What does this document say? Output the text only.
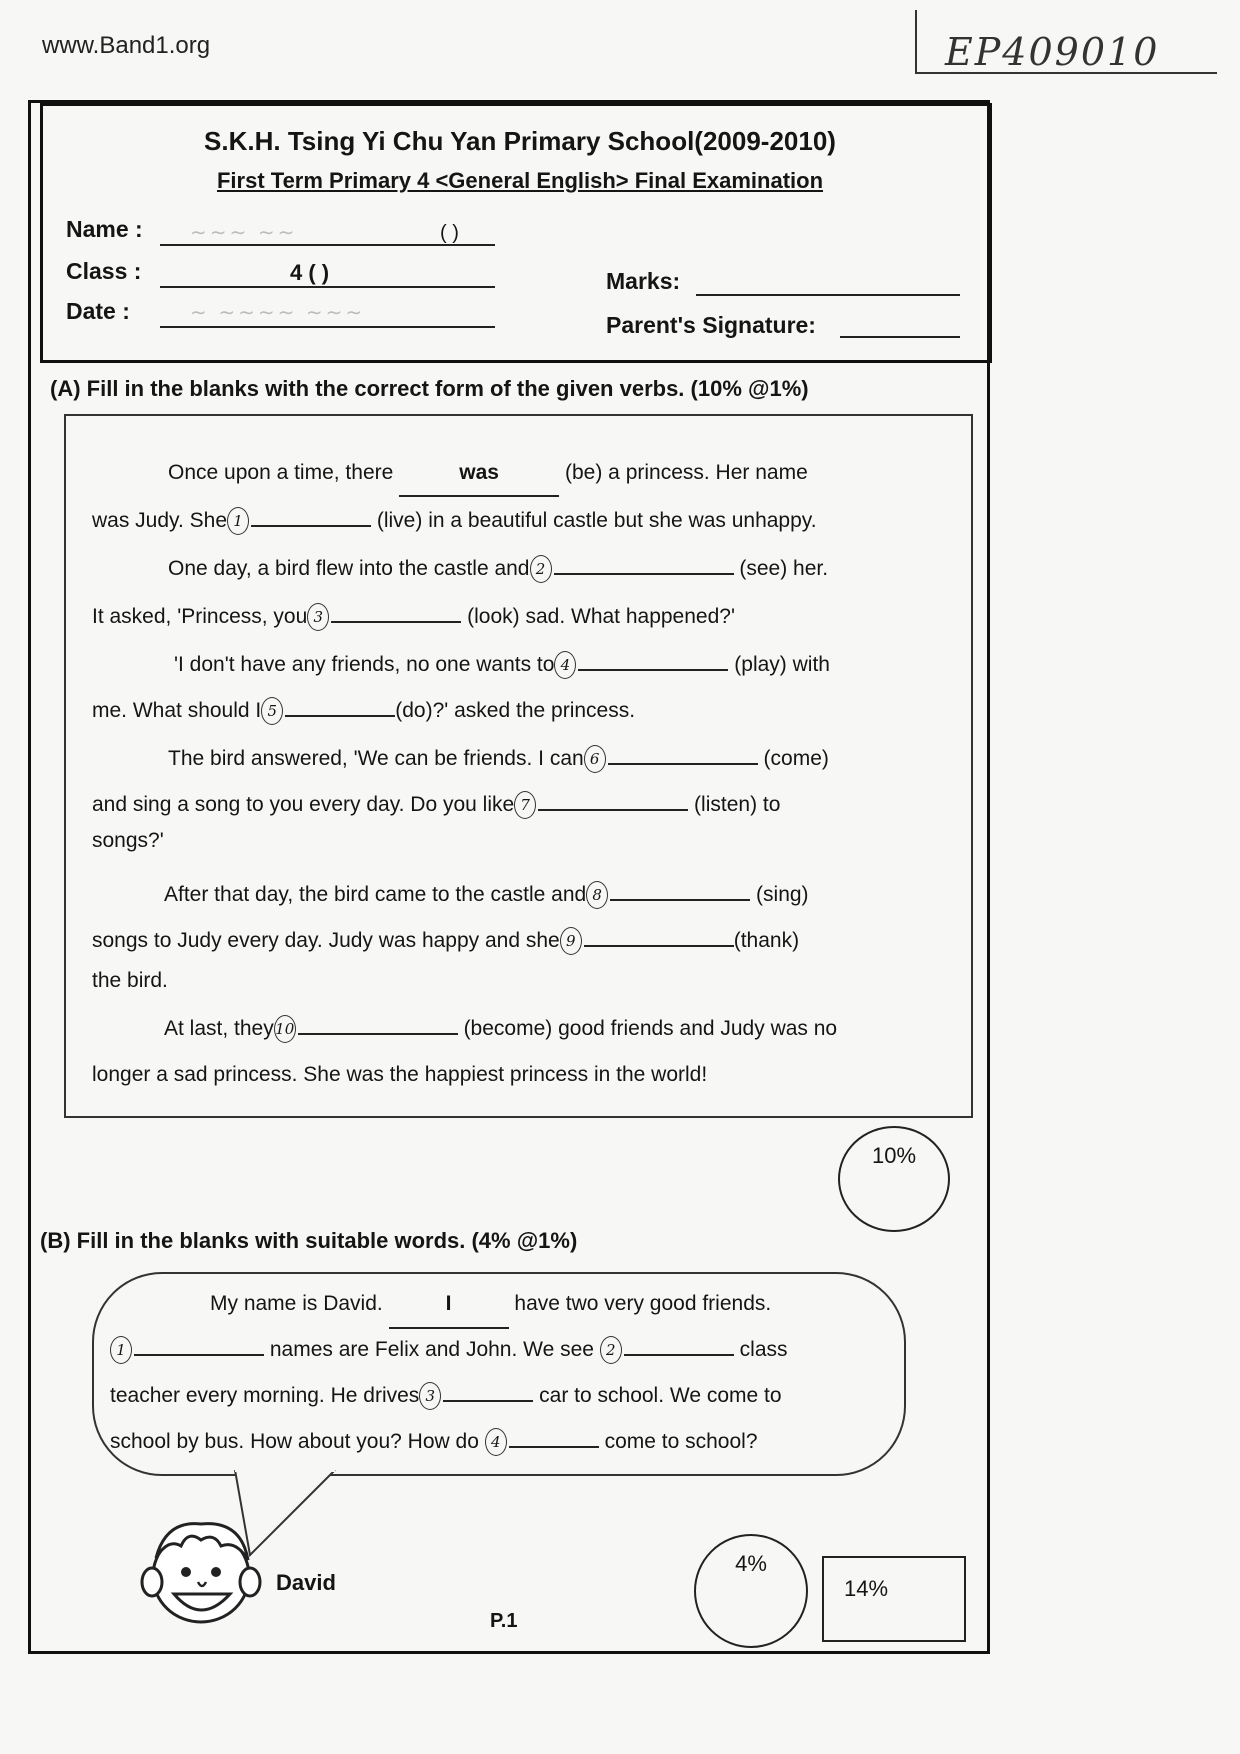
www.Band1.org	EP409010
S.K.H. Tsing Yi Chu Yan Primary School(2009-2010)
First Term Primary 4 <General English> Final Examination
Name : ∼∼∼ ∼∼	( )
Class :	4 ( )
Date :	∼ ∼∼∼∼ ∼∼∼
Marks:
Parent's Signature:
(A) Fill in the blanks with the correct form of the given verbs. (10% @1%)
Once upon a time, there	was	(be) a princess. Her name
was Judy. She 1	(live) in a beautiful castle but she was unhappy.
One day, a bird flew into the castle and 2	(see) her.
It asked, 'Princess, you 3	(look) sad. What happened?'
'I don't have any friends, no one wants to 4	(play) with
me. What should I 5	(do)?' asked the princess.
The bird answered, 'We can be friends. I can 6	(come)
and sing a song to you every day. Do you like 7	(listen) to
songs?'
After that day, the bird came to the castle and 8	(sing)
songs to Judy every day. Judy was happy and she 9	(thank)
the bird.
At last, they10	(become) good friends and Judy was no
longer a sad princess. She was the happiest princess in the world!
10%
(B) Fill in the blanks with suitable words. (4% @1%)
My name is David.	I	have two very good friends.
1	names are Felix and John. We see 2	class
teacher every morning. He drives 3	car to school. We come to
school by bus. How about you? How do 4	come to school?
David
4%
14%
P.1
